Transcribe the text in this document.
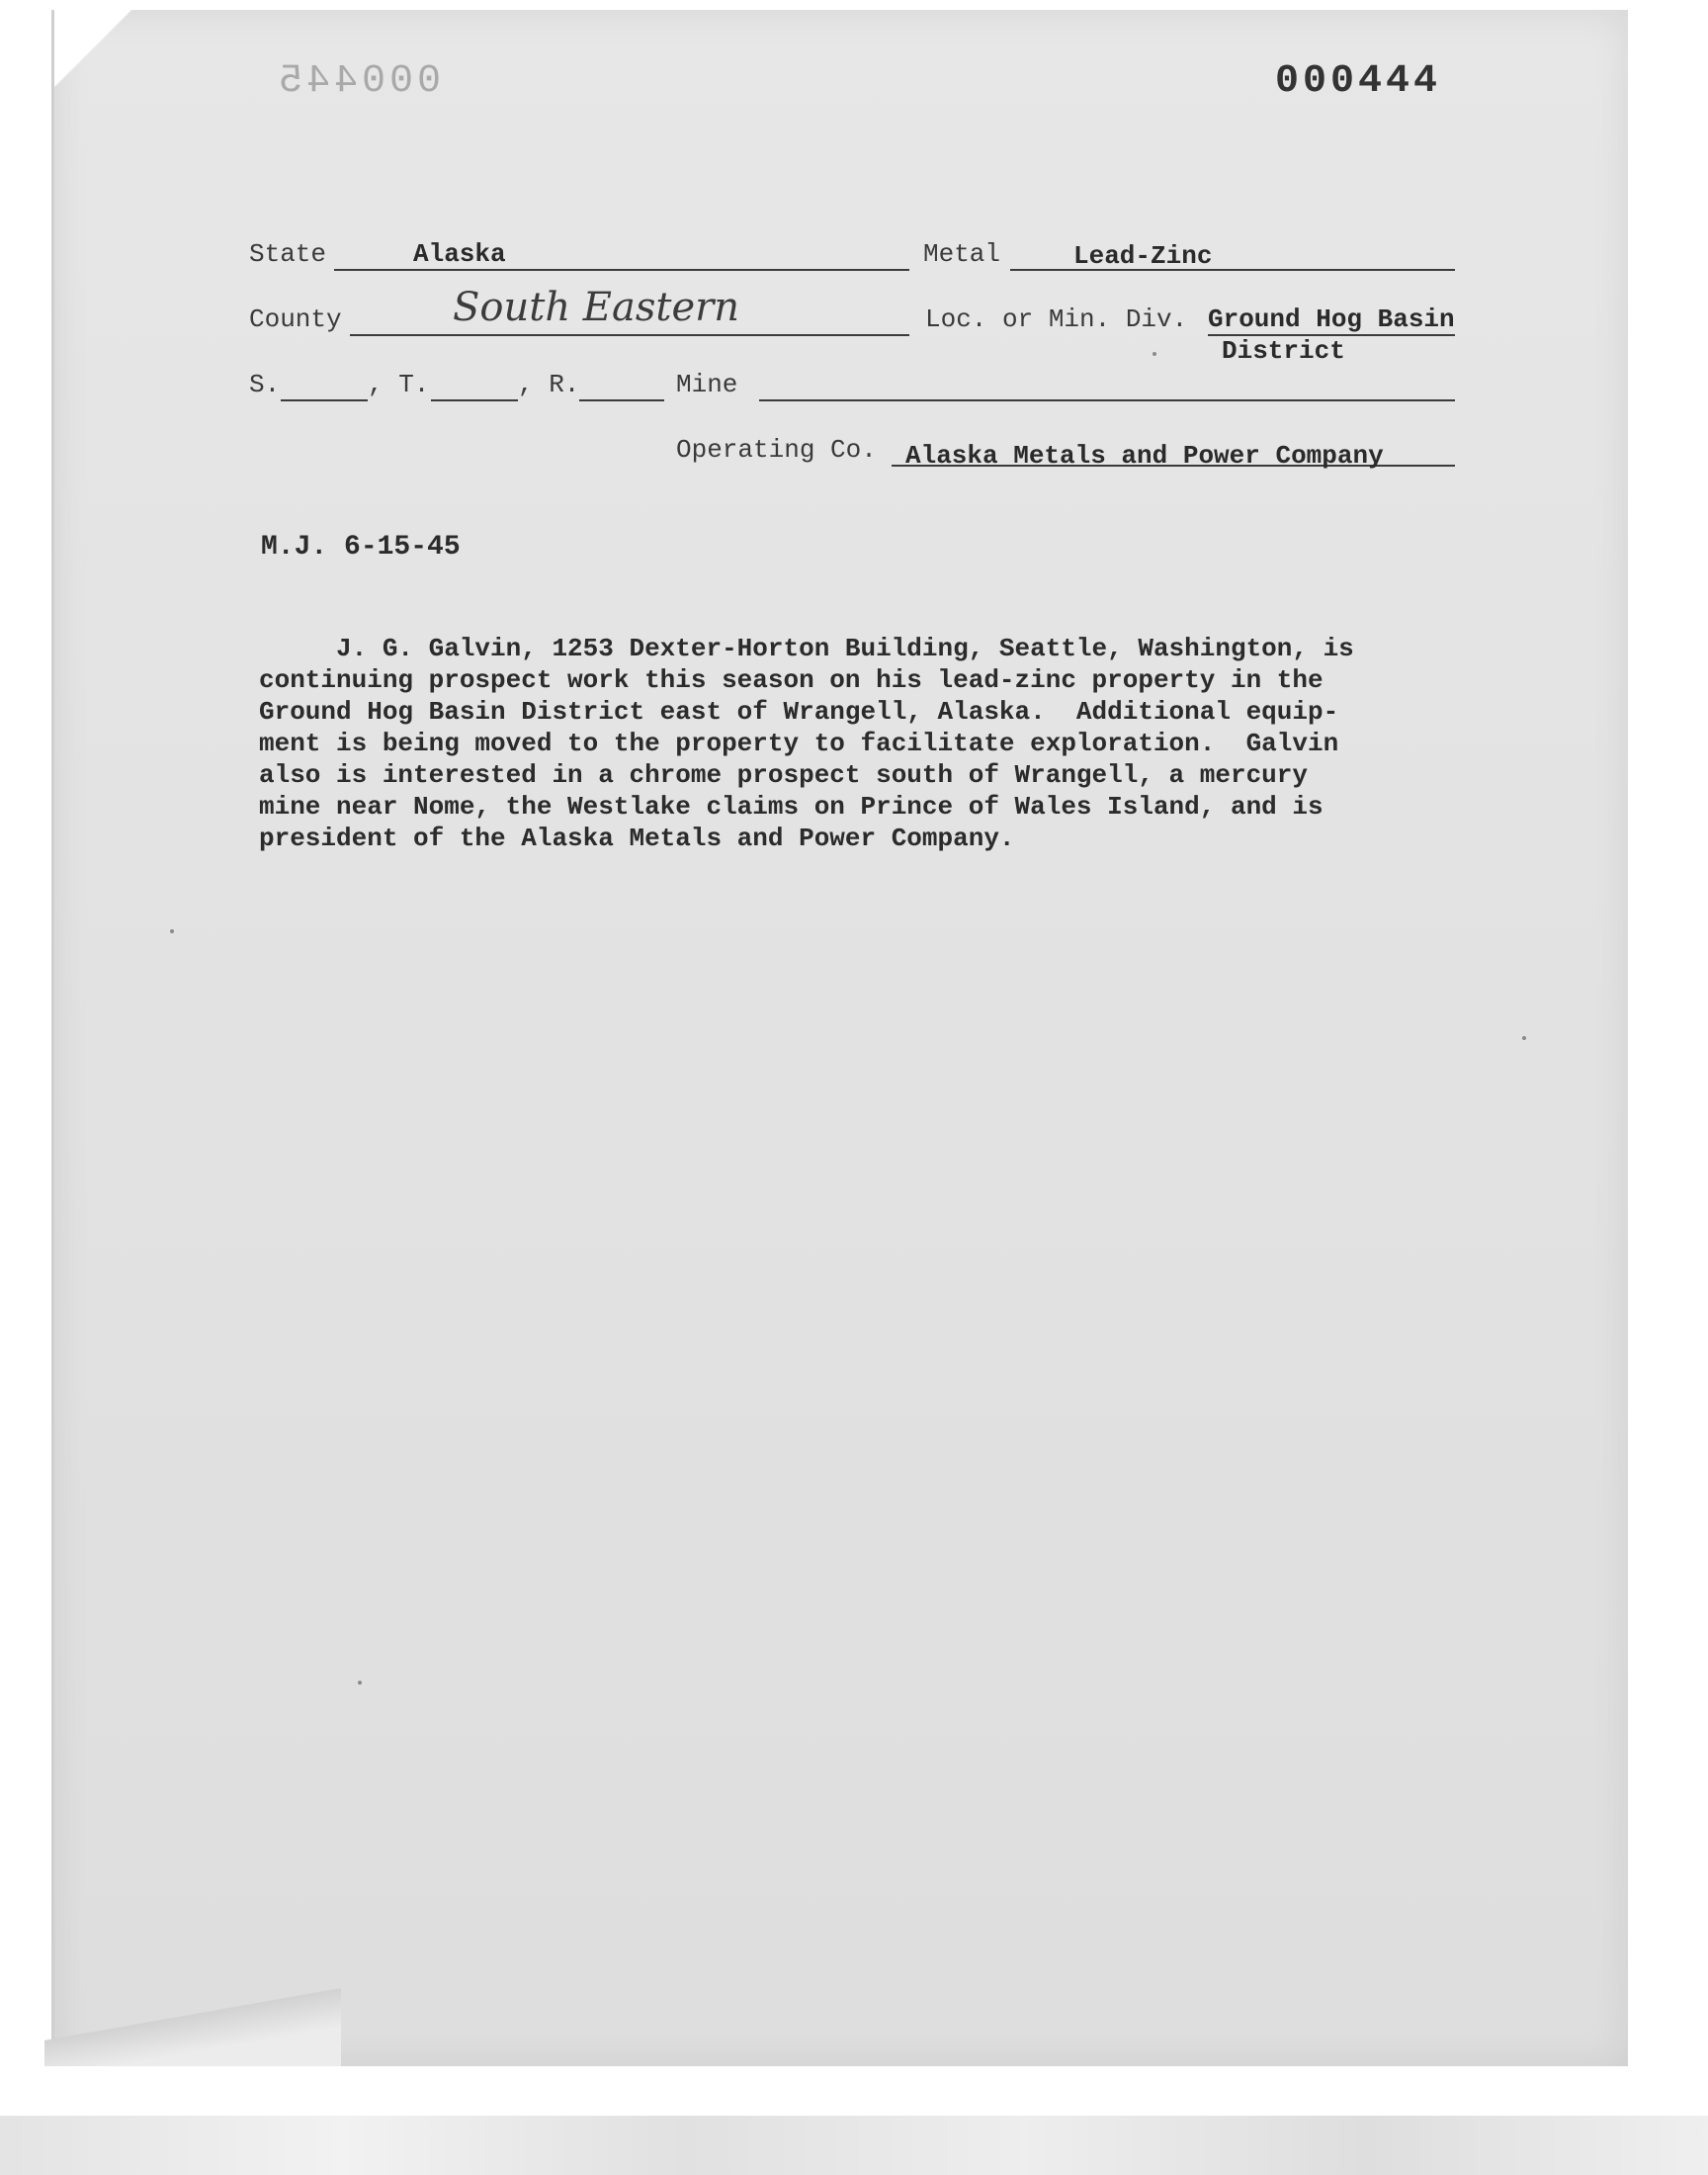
000445	000444
State	Alaska	Metal	Lead-Zinc
County	South Eastern	Loc. or Min. Div. Ground Hog Basin
District
S.	, T.	, R.	Mine
Operating Co. Alaska Metals and Power Company
M.J. 6-15-45
J. G. Galvin, 1253 Dexter-Horton Building, Seattle, Washington, is
continuing prospect work this season on his lead-zinc property in the
Ground Hog Basin District east of Wrangell, Alaska.  Additional equip-
ment is being moved to the property to facilitate exploration.  Galvin
also is interested in a chrome prospect south of Wrangell, a mercury
mine near Nome, the Westlake claims on Prince of Wales Island, and is
president of the Alaska Metals and Power Company.
